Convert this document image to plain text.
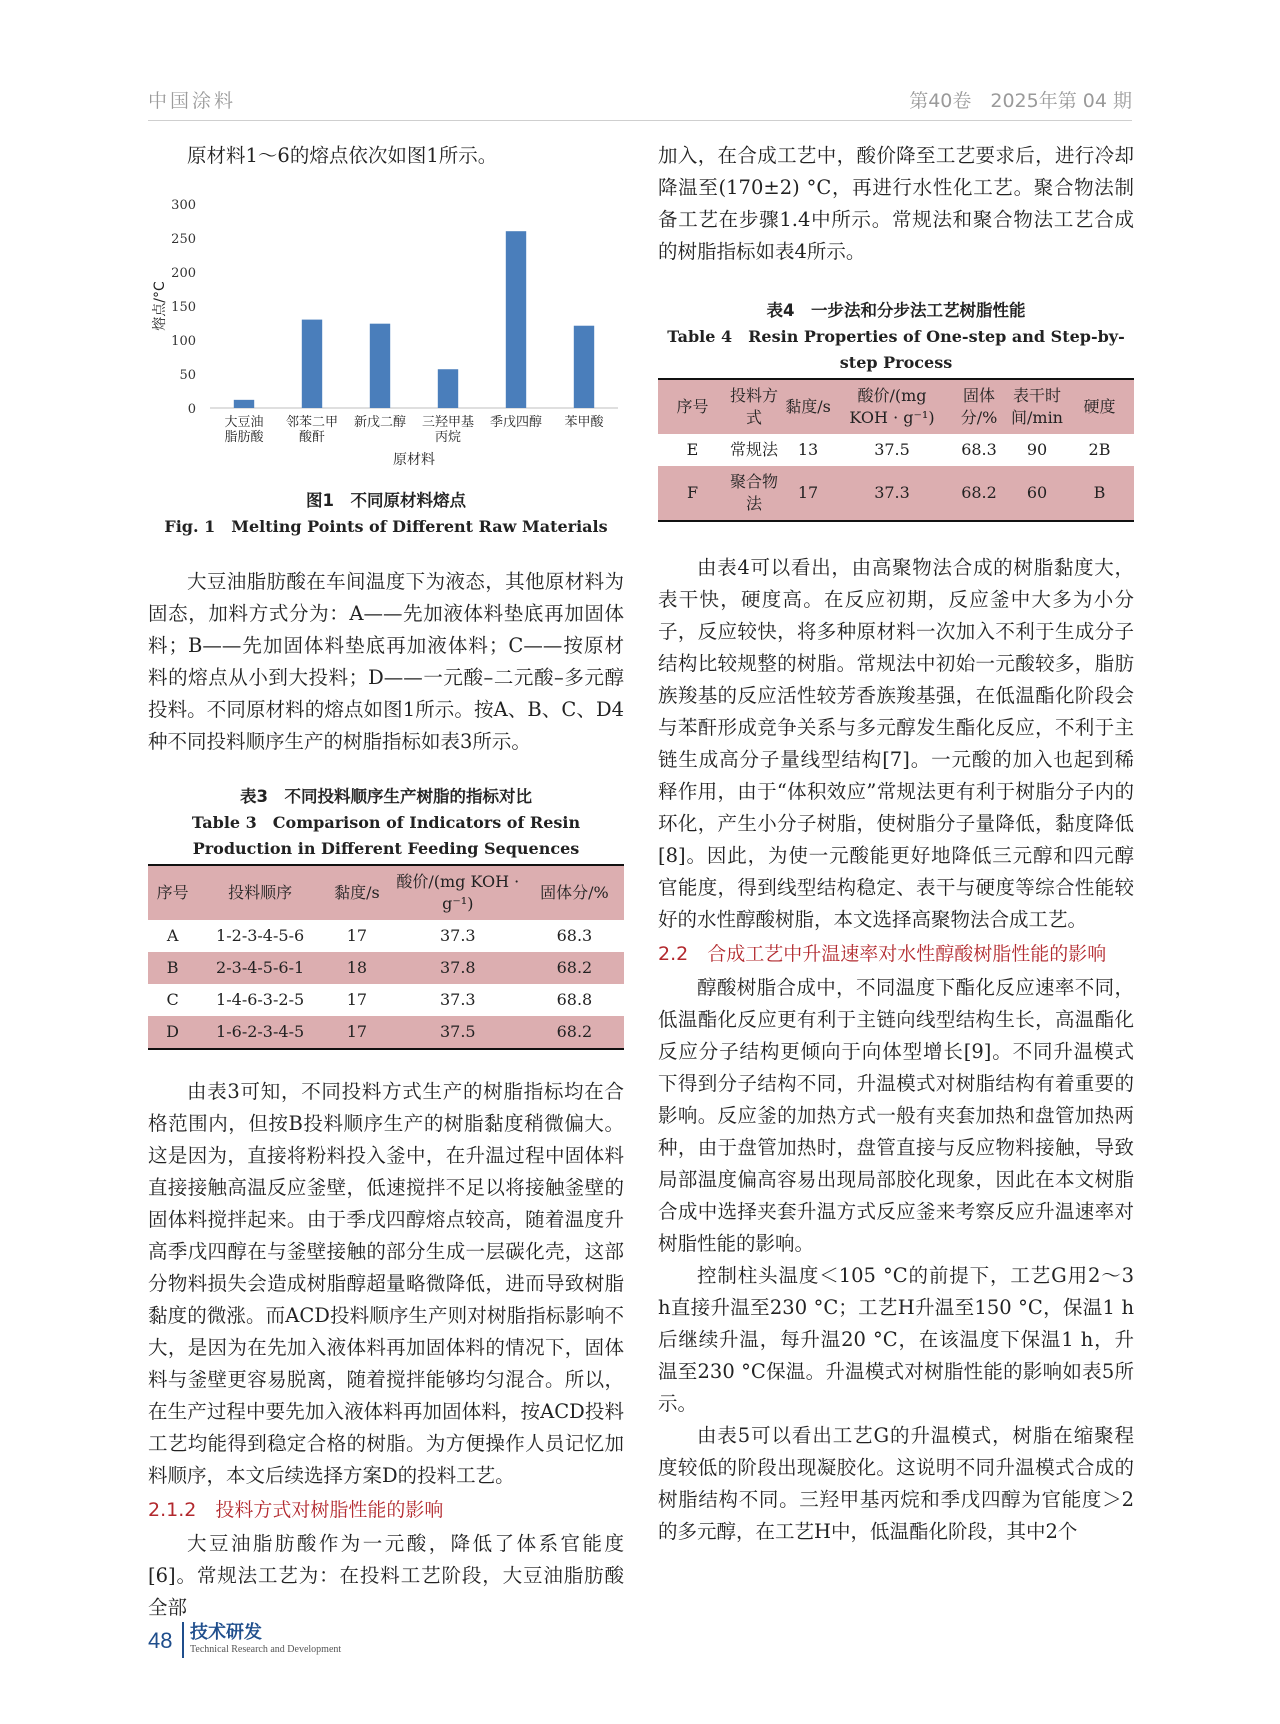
中国涂料	第40卷　2025年第 04 期

原材料1～6的熔点依次如图1所示。

0
50
100
150
200
250
300
熔点/°C
大豆油脂肪酸
邻苯二甲酸酐
新戊二醇 三羟甲基丙烷
季戊四醇 苯甲酸
原材料
图1　不同原材料熔点
Fig. 1　Melting Points of Different Raw Materials

大豆油脂肪酸在车间温度下为液态，其他原材料为固态，加料方式分为：A——先加液体料垫底再加固体料；B——先加固体料垫底再加液体料；C——按原材料的熔点从小到大投料；D——一元酸–二元酸–多元醇投料。不同原材料的熔点如图1所示。按A、B、C、D4种不同投料顺序生产的树脂指标如表3所示。

表3　不同投料顺序生产树脂的指标对比
Table 3　Comparison of Indicators of Resin Production in Different Feeding Sequences
序号	投料顺序	黏度/s	酸价/(mg KOH · g⁻¹)	固体分/%
A	1-2-3-4-5-6	17	37.3	68.3
B	2-3-4-5-6-1	18	37.8	68.2
C	1-4-6-3-2-5	17	37.3	68.8
D	1-6-2-3-4-5	17	37.5	68.2

由表3可知，不同投料方式生产的树脂指标均在合格范围内，但按B投料顺序生产的树脂黏度稍微偏大。这是因为，直接将粉料投入釜中，在升温过程中固体料直接接触高温反应釜壁，低速搅拌不足以将接触釜壁的固体料搅拌起来。由于季戊四醇熔点较高，随着温度升高季戊四醇在与釜壁接触的部分生成一层碳化壳，这部分物料损失会造成树脂醇超量略微降低，进而导致树脂黏度的微涨。而ACD投料顺序生产则对树脂指标影响不大，是因为在先加入液体料再加固体料的情况下，固体料与釜壁更容易脱离，随着搅拌能够均匀混合。所以，在生产过程中要先加入液体料再加固体料，按ACD投料工艺均能得到稳定合格的树脂。为方便操作人员记忆加料顺序，本文后续选择方案D的投料工艺。

2.1.2　投料方式对树脂性能的影响

大豆油脂肪酸作为一元酸，降低了体系官能度[6]。常规法工艺为：在投料工艺阶段，大豆油脂肪酸全部

加入，在合成工艺中，酸价降至工艺要求后，进行冷却降温至(170±2) °C，再进行水性化工艺。聚合物法制备工艺在步骤1.4中所示。常规法和聚合物法工艺合成的树脂指标如表4所示。

表4　一步法和分步法工艺树脂性能
Table 4　Resin Properties of One-step and Step-by-step Process
序号	投料方式	黏度/s	酸价/(mg KOH · g⁻¹)	固体分/%	表干时间/min	硬度
E	常规法	13	37.5	68.3	90	2B
F	聚合物法	17	37.3	68.2	60	B

由表4可以看出，由高聚物法合成的树脂黏度大，表干快，硬度高。在反应初期，反应釜中大多为小分子，反应较快，将多种原材料一次加入不利于生成分子结构比较规整的树脂。常规法中初始一元酸较多，脂肪族羧基的反应活性较芳香族羧基强，在低温酯化阶段会与苯酐形成竞争关系与多元醇发生酯化反应，不利于主链生成高分子量线型结构[7]。一元酸的加入也起到稀释作用，由于“体积效应”常规法更有利于树脂分子内的环化，产生小分子树脂，使树脂分子量降低，黏度降低[8]。因此，为使一元酸能更好地降低三元醇和四元醇官能度，得到线型结构稳定、表干与硬度等综合性能较好的水性醇酸树脂，本文选择高聚物法合成工艺。

2.2　合成工艺中升温速率对水性醇酸树脂性能的影响

醇酸树脂合成中，不同温度下酯化反应速率不同，低温酯化反应更有利于主链向线型结构生长，高温酯化反应分子结构更倾向于向体型增长[9]。不同升温模式下得到分子结构不同，升温模式对树脂结构有着重要的影响。反应釜的加热方式一般有夹套加热和盘管加热两种，由于盘管加热时，盘管直接与反应物料接触，导致局部温度偏高容易出现局部胶化现象，因此在本文树脂合成中选择夹套升温方式反应釜来考察反应升温速率对树脂性能的影响。

控制柱头温度＜105 °C的前提下，工艺G用2～3 h直接升温至230 °C；工艺H升温至150 °C，保温1 h后继续升温，每升温20 °C，在该温度下保温1 h，升温至230 °C保温。升温模式对树脂性能的影响如表5所示。

由表5可以看出工艺G的升温模式，树脂在缩聚程度较低的阶段出现凝胶化。这说明不同升温模式合成的树脂结构不同。三羟甲基丙烷和季戊四醇为官能度＞2的多元醇，在工艺H中，低温酯化阶段，其中2个

48 技术研发
Technical Research and Development
